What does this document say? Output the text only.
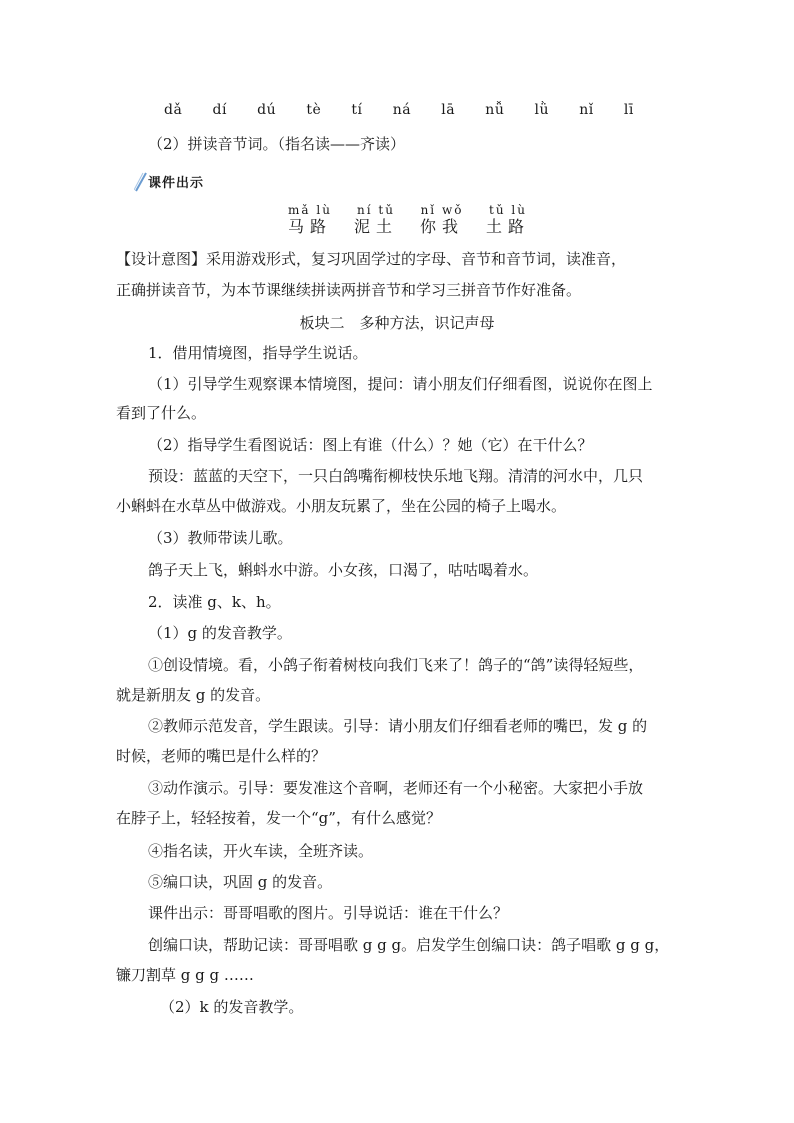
dǎ dí dú tè tí ná lā nǚ lǜ nǐ lī
（2）拼读音节词。（指名读——齐读）
课件出示
mǎ lù
马路
ní tǔ
泥土
nǐ wǒ
你我
tǔ lù
土路
【设计意图】采用游戏形式，复习巩固学过的字母、音节和音节词，读准音，
正确拼读音节，为本节课继续拼读两拼音节和学习三拼音节作好准备。
板块二　多种方法，识记声母
1．借用情境图，指导学生说话。
（1）引导学生观察课本情境图，提问：请小朋友们仔细看图，说说你在图上
看到了什么。
（2）指导学生看图说话：图上有谁（什么）？她（它）在干什么？
预设：蓝蓝的天空下，一只白鸽嘴衔柳枝快乐地飞翔。清清的河水中，几只
小蝌蚪在水草丛中做游戏。小朋友玩累了，坐在公园的椅子上喝水。
（3）教师带读儿歌。
鸽子天上飞，蝌蚪水中游。小女孩，口渴了，咕咕喝着水。
2．读准 g、k、h。
（1）g 的发音教学。
①创设情境。看，小鸽子衔着树枝向我们飞来了！鸽子的“鸽”读得轻短些，
就是新朋友 g 的发音。
②教师示范发音，学生跟读。引导：请小朋友们仔细看老师的嘴巴，发 g 的
时候，老师的嘴巴是什么样的？
③动作演示。引导：要发准这个音啊，老师还有一个小秘密。大家把小手放
在脖子上，轻轻按着，发一个“g”，有什么感觉？
④指名读，开火车读，全班齐读。
⑤编口诀，巩固 g 的发音。
课件出示：哥哥唱歌的图片。引导说话：谁在干什么？
创编口诀，帮助记读：哥哥唱歌 g g g。启发学生创编口诀：鸽子唱歌 g g g，
镰刀割草 g g g ……
（2）k 的发音教学。
